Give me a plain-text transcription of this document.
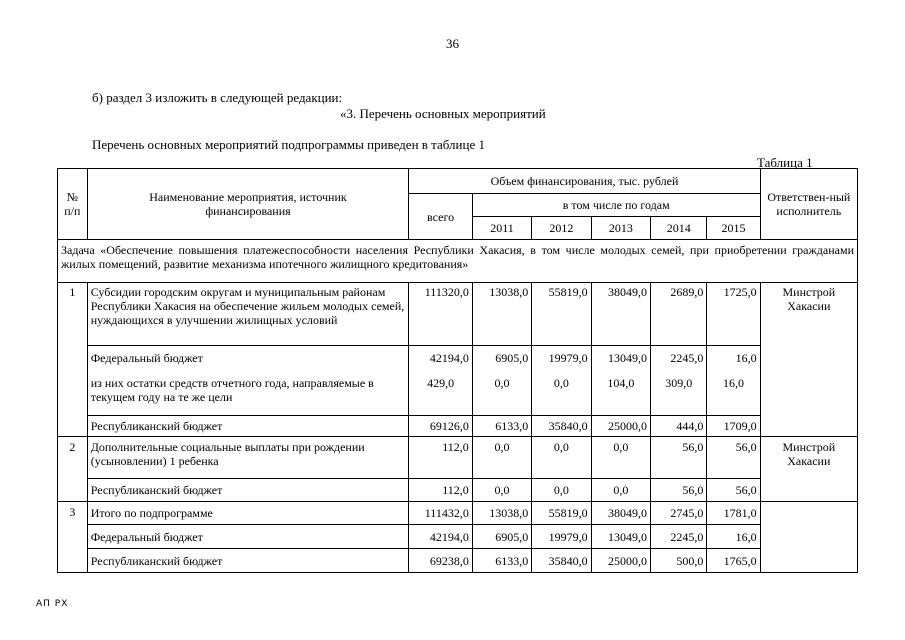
36
б) раздел 3 изложить в следующей редакции:
«3. Перечень основных мероприятий
Перечень основных мероприятий подпрограммы приведен в таблице 1
Таблица 1
№ п/п	Наименование мероприятия, источник финансирования	Объем финансирования, тыс. рублей						Ответствен-ный исполнитель
		всего	в том числе по годам					
			2011	2012	2013	2014	2015	
Задача «Обеспечение повышения платежеспособности населения Республики Хакасия, в том числе молодых семей, при приобретении гражданами жилых помещений, развитие механизма ипотечного жилищного кредитования»								
1	Субсидии городским округам и муниципальным районам Республики Хакасия на обеспечение жильем молодых семей, нуждающихся в улучшении жилищных условий	111320,0	13038,0	55819,0	38049,0	2689,0	1725,0	Минстрой Хакасии
	Федеральный бюджет	42194,0	6905,0	19979,0	13049,0	2245,0	16,0	
	из них остатки средств отчетного года, направляемые в текущем году на те же цели	429,0	0,0	0,0	104,0	309,0	16,0	
	Республиканский бюджет	69126,0	6133,0	35840,0	25000,0	444,0	1709,0	
2	Дополнительные социальные выплаты при рождении (усыновлении) 1 ребенка	112,0	0,0	0,0	0,0	56,0	56,0	Минстрой Хакасии
	Республиканский бюджет	112,0	0,0	0,0	0,0	56,0	56,0	
3	Итого по подпрограмме	111432,0	13038,0	55819,0	38049,0	2745,0	1781,0	
	Федеральный бюджет	42194,0	6905,0	19979,0	13049,0	2245,0	16,0	
	Республиканский бюджет	69238,0	6133,0	35840,0	25000,0	500,0	1765,0	
АП РХ
